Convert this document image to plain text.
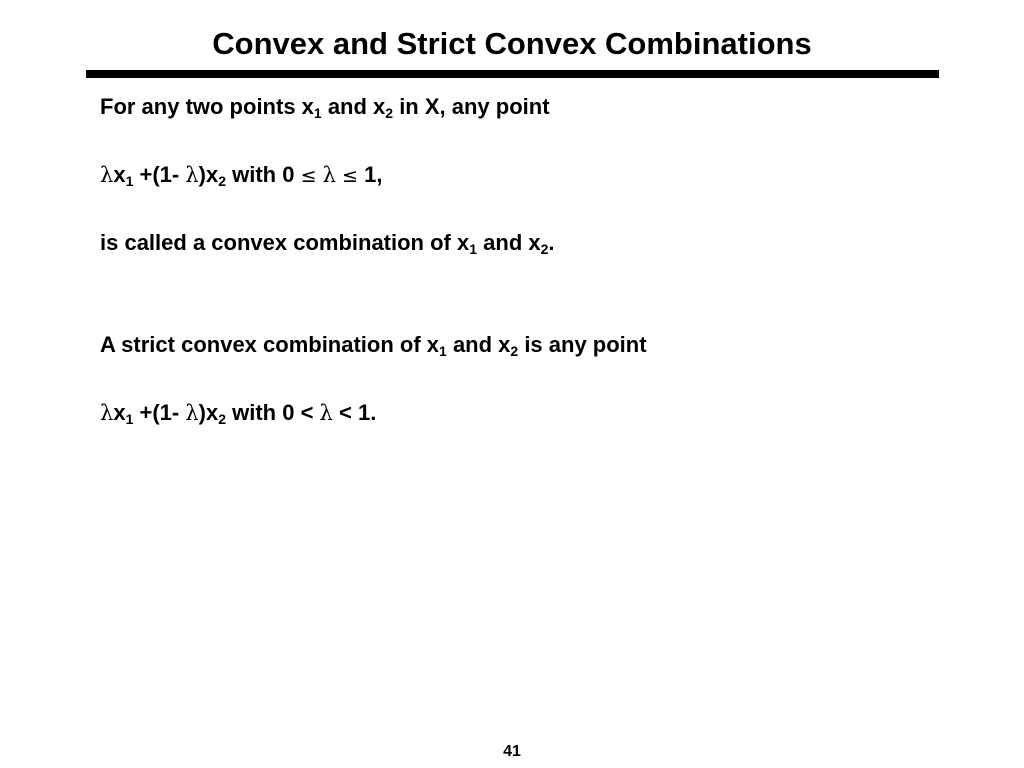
Convex and Strict Convex Combinations
For any two points $x_1$ and $x_2$ in X, any point
$\lambda x_1 +(1-$ $\lambda)x_2$ with 0 ≤ λ ≤ 1,
is called a convex combination of $x_1$ and $x_2$.
A strict convex combination of $x_1$ and $x_2$ is any point
$\lambda x_1 +(1-$ $\lambda)x_2$ with 0 < λ < 1.
41
